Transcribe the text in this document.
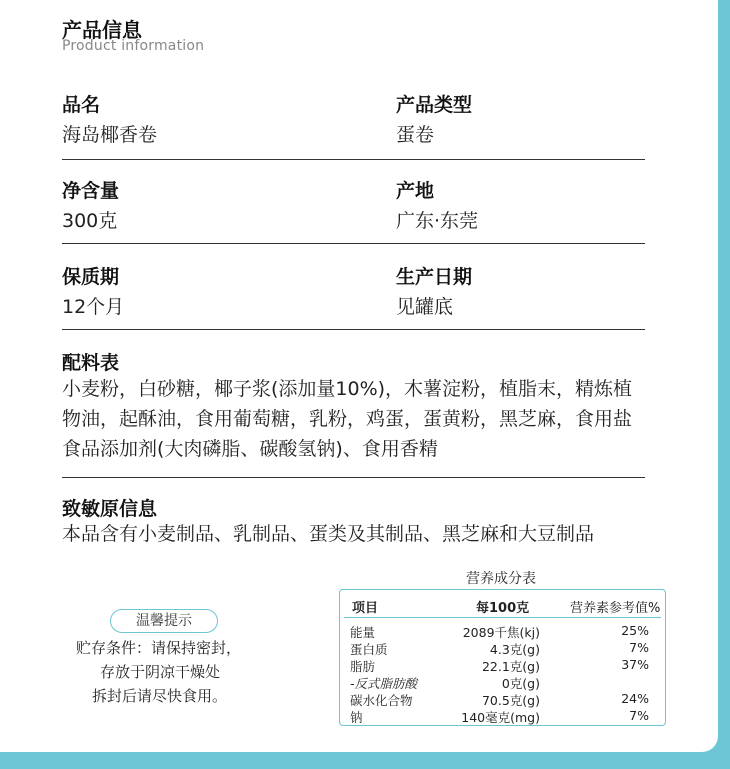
产品信息
Product information
品名
海岛椰香卷
产品类型
蛋卷
净含量
300克
产地
广东·东莞
保质期
12个月
生产日期
见罐底
配料表
小麦粉，白砂糖，椰子浆(添加量10%)，木薯淀粉，植脂末，精炼植
物油，起酥油，食用葡萄糖，乳粉，鸡蛋，蛋黄粉，黑芝麻，食用盐
食品添加剂(大肉磷脂、碳酸氢钠)、食用香精
致敏原信息
本品含有小麦制品、乳制品、蛋类及其制品、黑芝麻和大豆制品
温馨提示
贮存条件：请保持密封，
存放于阴凉干燥处
拆封后请尽快食用。
营养成分表
项目	每100克	营养素参考值%
能量	2089千焦(kj)	25%
蛋白质	4.3克(g)	7%
脂肪	22.1克(g)	37%
-反式脂肪酸	0克(g)
碳水化合物	70.5克(g)	24%
钠	140毫克(mg)	7%
